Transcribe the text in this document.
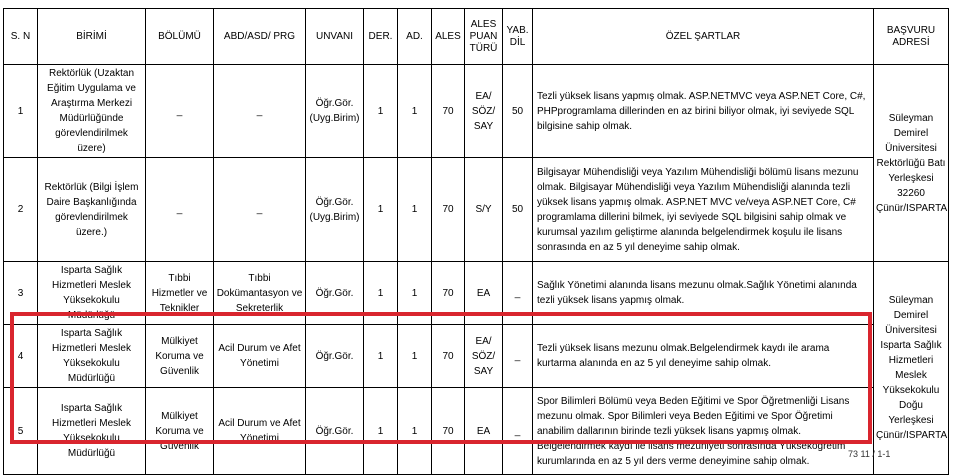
S. N	BİRİMİ	BÖLÜMÜ	ABD/ASD/ PRG	UNVANI	DER.	AD.	ALES	ALES PUAN TÜRÜ	YAB. DİL	ÖZEL ŞARTLAR	BAŞVURU ADRESİ
1	Rektörlük (Uzaktan Eğitim Uygulama ve Araştırma Merkezi Müdürlüğünde görevlendirilmek üzere)	_	_	Öğr.Gör. (Uyg.Birim)	1	1	70	EA/ SÖZ/ SAY	50	Tezli yüksek lisans yapmış olmak. ASP.NETMVC veya ASP.NET Core, C#, PHPprogramlama dillerinden en az birini biliyor olmak, iyi seviyede SQL bilgisine sahip olmak.	Süleyman Demirel Üniversitesi Rektörlüğü Batı Yerleşkesi 32260 Çünür/ISPARTA
2	Rektörlük (Bilgi İşlem Daire Başkanlığında görevlendirilmek üzere.)	_	_	Öğr.Gör. (Uyg.Birim)	1	1	70	S/Y	50	Bilgisayar Mühendisliği veya Yazılım Mühendisliği bölümü lisans mezunu olmak. Bilgisayar Mühendisliği veya Yazılım Mühendisliği alanında tezli yüksek lisans yapmış olmak. ASP.NET MVC ve/veya ASP.NET Core, C# programlama dillerini bilmek, iyi seviyede SQL bilgisini sahip olmak ve kurumsal yazılım geliştirme alanında belgelendirmek koşulu ile lisans sonrasında en az 5 yıl deneyime sahip olmak.	
3	Isparta Sağlık Hizmetleri Meslek Yüksekokulu Müdürlüğü	Tıbbi Hizmetler ve Teknikler	Tıbbi Dokümantasyon ve Sekreterlik	Öğr.Gör.	1	1	70	EA	_	Sağlık Yönetimi alanında lisans mezunu olmak.Sağlık Yönetimi alanında tezli yüksek lisans yapmış olmak.	Süleyman Demirel Üniversitesi Isparta Sağlık Hizmetleri Meslek Yüksekokulu Doğu Yerleşkesi Çünür/ISPARTA
4	Isparta Sağlık Hizmetleri Meslek Yüksekokulu Müdürlüğü	Mülkiyet Koruma ve Güvenlik	Acil Durum ve Afet Yönetimi	Öğr.Gör.	1	1	70	EA/ SÖZ/ SAY	_	Tezli yüksek lisans mezunu olmak.Belgelendirmek kaydı ile arama kurtarma alanında en az 5 yıl deneyime sahip olmak.	
5	Isparta Sağlık Hizmetleri Meslek Yüksekokulu Müdürlüğü	Mülkiyet Koruma ve Güvenlik	Acil Durum ve Afet Yönetimi	Öğr.Gör.	1	1	70	EA	_	Spor Bilimleri Bölümü veya Beden Eğitimi ve Spor Öğretmenliği Lisans mezunu olmak. Spor Bilimleri veya Beden Eğitimi ve Spor Öğretimi anabilim dallarının birinde tezli yüksek lisans yapmış olmak. Belgelendirmek kaydı ile lisans mezuniyeti sonrasında Yükseköğretim kurumlarında en az 5 yıl ders verme deneyimine sahip olmak.	
73 11 / 1-1
